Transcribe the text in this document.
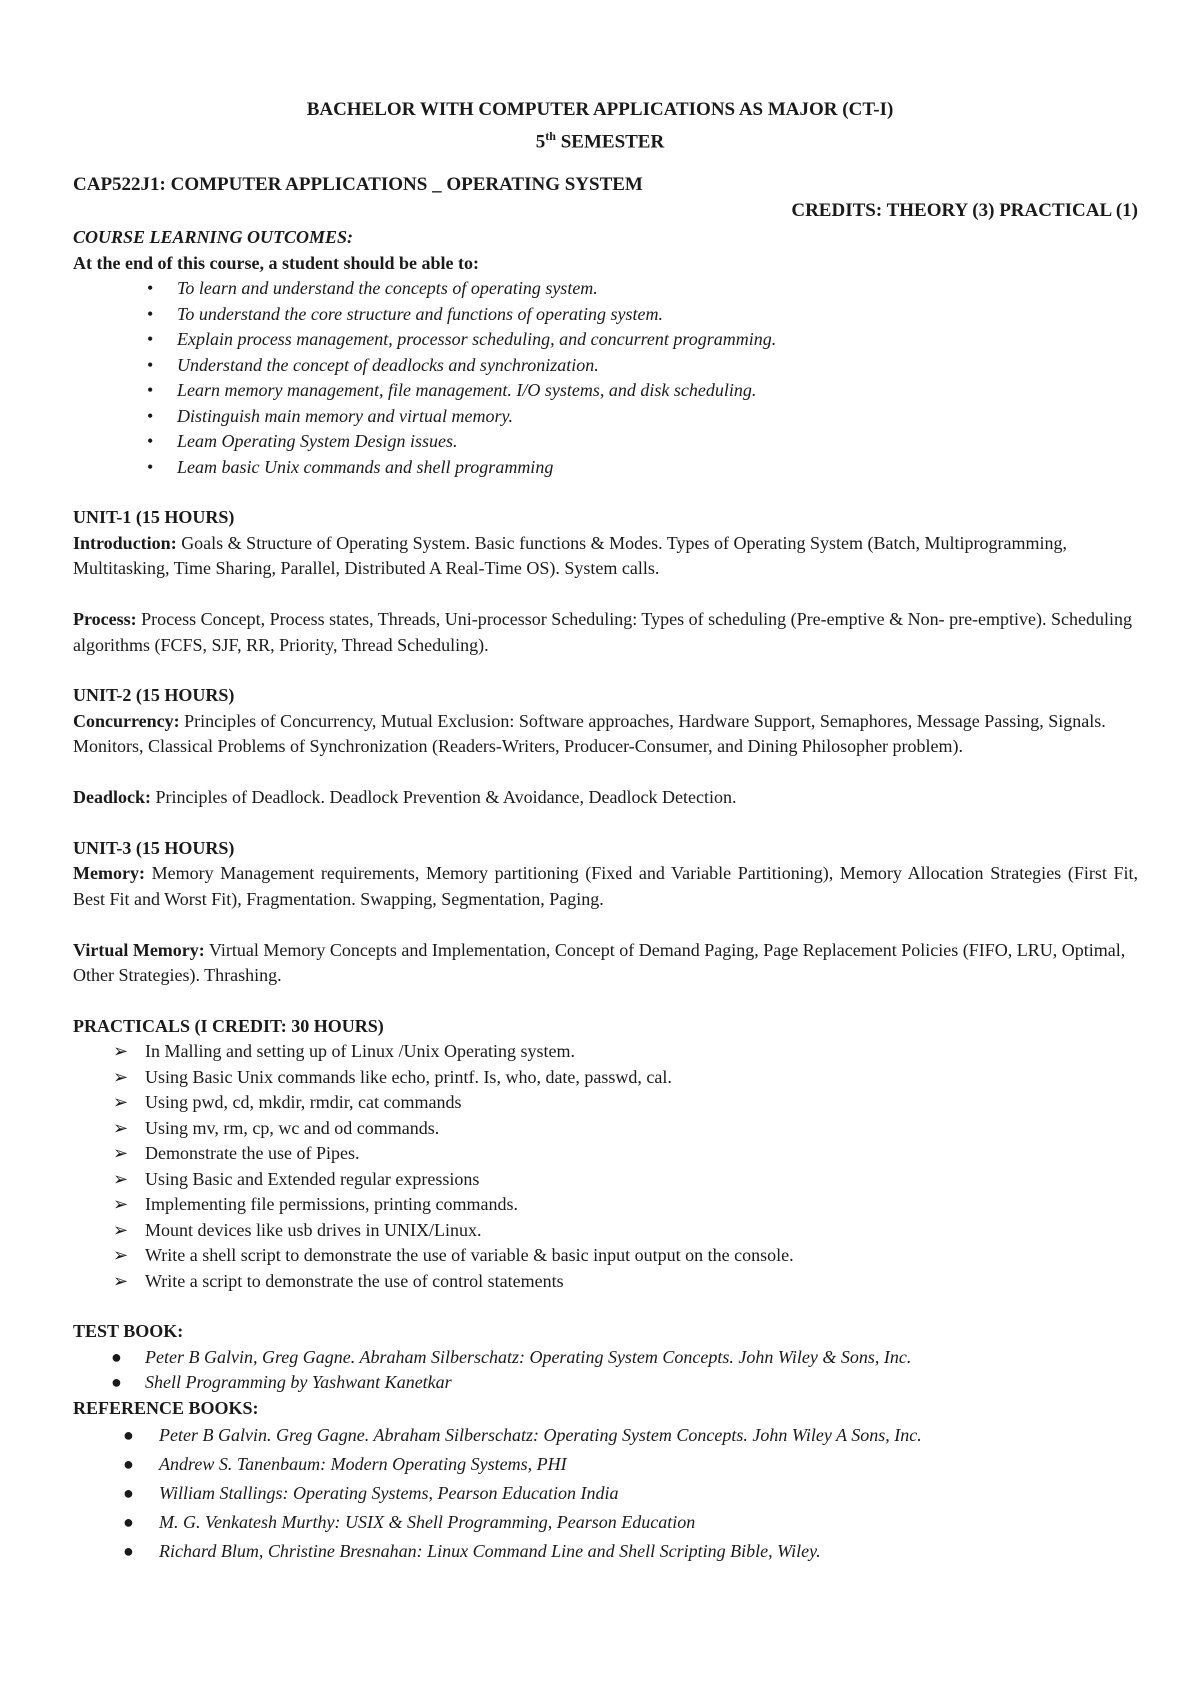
BACHELOR WITH COMPUTER APPLICATIONS AS MAJOR (CT-I)
5th SEMESTER
CAP522J1: COMPUTER APPLICATIONS _ OPERATING SYSTEM
CREDITS: THEORY (3) PRACTICAL (1)

COURSE LEARNING OUTCOMES:

At the end of this course, a student should be able to:

• To learn and understand the concepts of operating system.
• To understand the core structure and functions of operating system.
• Explain process management, processor scheduling, and concurrent programming.
• Understand the concept of deadlocks and synchronization.
• Learn memory management, file management. I/O systems, and disk scheduling.
• Distinguish main memory and virtual memory.
• Leam Operating System Design issues.
• Leam basic Unix commands and shell programming

UNIT-1 (15 HOURS)

Introduction: Goals & Structure of Operating System. Basic functions & Modes. Types of Operating System (Batch, Multiprogramming, Multitasking, Time Sharing, Parallel, Distributed A Real-Time OS). System calls.

Process: Process Concept, Process states, Threads, Uni-processor Scheduling: Types of scheduling (Pre-emptive & Non- pre-emptive). Scheduling algorithms (FCFS, SJF, RR, Priority, Thread Scheduling).

UNIT-2 (15 HOURS)

Concurrency: Principles of Concurrency, Mutual Exclusion: Software approaches, Hardware Support, Semaphores, Message Passing, Signals. Monitors, Classical Problems of Synchronization (Readers-Writers, Producer-Consumer, and Dining Philosopher problem).

Deadlock: Principles of Deadlock. Deadlock Prevention & Avoidance, Deadlock Detection.

UNIT-3 (15 HOURS)

Memory: Memory Management requirements, Memory partitioning (Fixed and Variable Partitioning), Memory Allocation Strategies (First Fit, Best Fit and Worst Fit), Fragmentation. Swapping, Segmentation, Paging.

Virtual Memory: Virtual Memory Concepts and Implementation, Concept of Demand Paging, Page Replacement Policies (FIFO, LRU, Optimal, Other Strategies). Thrashing.

PRACTICALS (I CREDIT: 30 HOURS)

➢ In Malling and setting up of Linux /Unix Operating system.
➢ Using Basic Unix commands like echo, printf. Is, who, date, passwd, cal.
➢ Using pwd, cd, mkdir, rmdir, cat commands
➢ Using mv, rm, cp, wc and od commands.
➢ Demonstrate the use of Pipes.
➢ Using Basic and Extended regular expressions
➢ Implementing file permissions, printing commands.
➢ Mount devices like usb drives in UNIX/Linux.
➢ Write a shell script to demonstrate the use of variable & basic input output on the console.
➢ Write a script to demonstrate the use of control statements

TEST BOOK:

● Peter B Galvin, Greg Gagne. Abraham Silberschatz: Operating System Concepts. John Wiley & Sons, Inc.
● Shell Programming by Yashwant Kanetkar

REFERENCE BOOKS:

● Peter B Galvin. Greg Gagne. Abraham Silberschatz: Operating System Concepts. John Wiley A Sons, Inc.
● Andrew S. Tanenbaum: Modern Operating Systems, PHI
● William Stallings: Operating Systems, Pearson Education India
● M. G. Venkatesh Murthy: USIX & Shell Programming, Pearson Education
● Richard Blum, Christine Bresnahan: Linux Command Line and Shell Scripting Bible, Wiley.
